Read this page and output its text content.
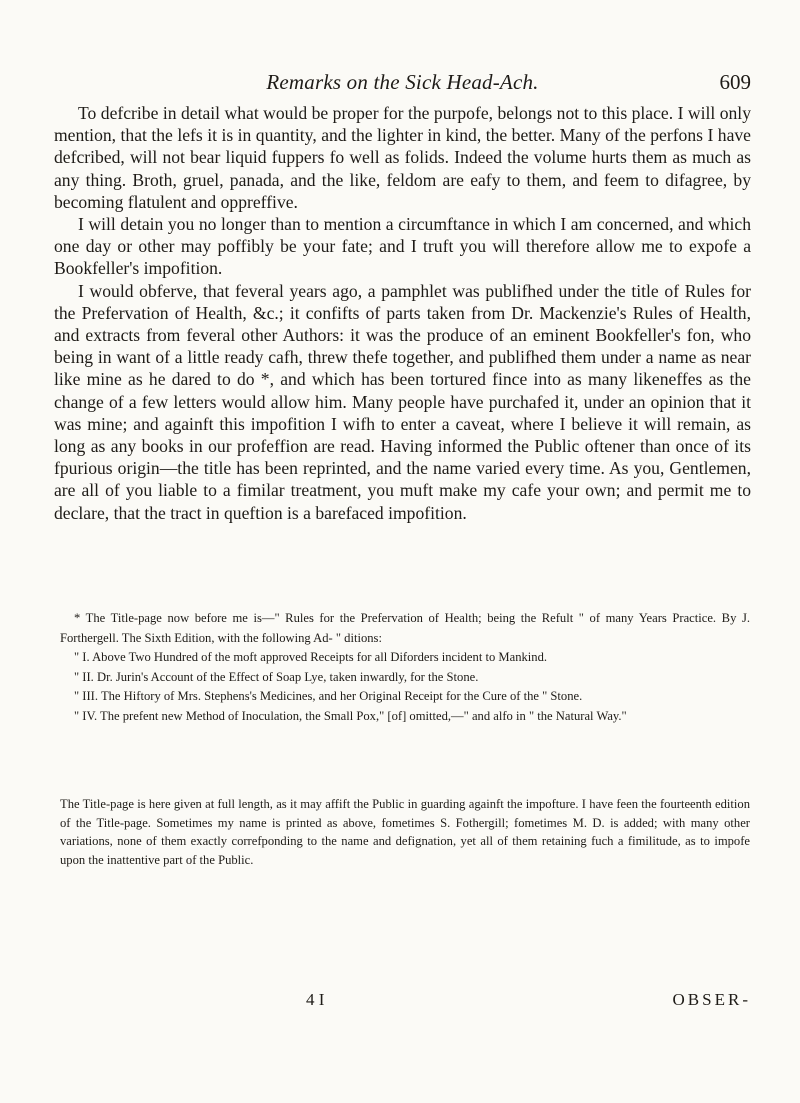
Remarks on the Sick Head-Ach.	609

To defcribe in detail what would be proper for the purpofe, belongs not to this place. I will only mention, that the lefs it is in quantity, and the lighter in kind, the better. Many of the perfons I have defcribed, will not bear liquid fuppers fo well as folids. Indeed the volume hurts them as much as any thing. Broth, gruel, panada, and the like, feldom are eafy to them, and feem to difagree, by becoming flatulent and oppreffive.

I will detain you no longer than to mention a circumftance in which I am concerned, and which one day or other may poffibly be your fate; and I truft you will therefore allow me to expofe a Bookfeller's impofition.

I would obferve, that feveral years ago, a pamphlet was publifhed under the title of Rules for the Prefervation of Health, &c.; it confifts of parts taken from Dr. Mackenzie's Rules of Health, and extracts from feveral other Authors: it was the produce of an eminent Bookfeller's fon, who being in want of a little ready cafh, threw thefe together, and publifhed them under a name as near like mine as he dared to do *, and which has been tortured fince into as many likeneffes as the change of a few letters would allow him. Many people have purchafed it, under an opinion that it was mine; and againft this impofition I wifh to enter a caveat, where I believe it will remain, as long as any books in our profeffion are read. Having informed the Public oftener than once of its fpurious origin—the title has been reprinted, and the name varied every time. As you, Gentlemen, are all of you liable to a fimilar treatment, you muft make my cafe your own; and permit me to declare, that the tract in queftion is a barefaced impofition.

* The Title-page now before me is—" Rules for the Prefervation of Health; being the Refult " of many Years Practice. By J. Forthergell. The Sixth Edition, with the following Ad- " ditions:

" I. Above Two Hundred of the moft approved Receipts for all Diforders incident to Mankind.

" II. Dr. Jurin's Account of the Effect of Soap Lye, taken inwardly, for the Stone.

" III. The Hiftory of Mrs. Stephens's Medicines, and her Original Receipt for the Cure of the " Stone.

" IV. The prefent new Method of Inoculation, the Small Pox," [of] omitted,—" and alfo in " the Natural Way."

The Title-page is here given at full length, as it may affift the Public in guarding againft the impofture. I have feen the fourteenth edition of the Title-page. Sometimes my name is printed as above, fometimes S. Fothergill; fometimes M. D. is added; with many other variations, none of them exactly correfponding to the name and defignation, yet all of them retaining fuch a fimilitude, as to impofe upon the inattentive part of the Public.

4 I	OBSER-
